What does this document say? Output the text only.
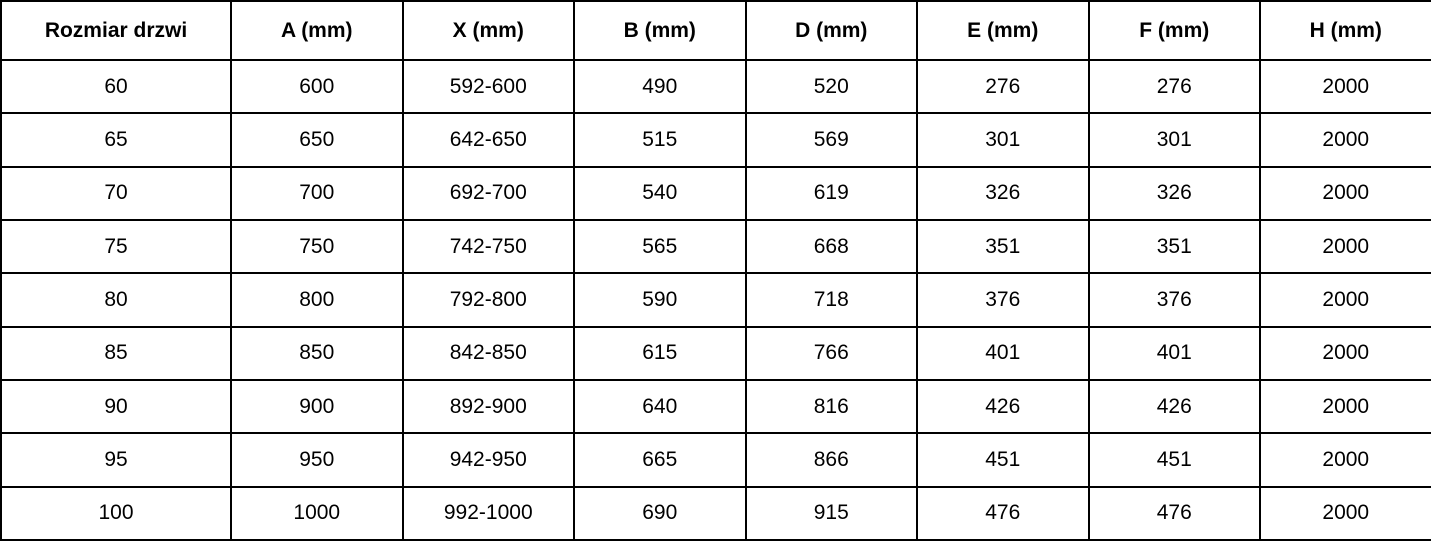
Rozmiar drzwi	A (mm)	X (mm)	B (mm)	D (mm)	E (mm)	F (mm)	H (mm)
60	600	592-600	490	520	276	276	2000
65	650	642-650	515	569	301	301	2000
70	700	692-700	540	619	326	326	2000
75	750	742-750	565	668	351	351	2000
80	800	792-800	590	718	376	376	2000
85	850	842-850	615	766	401	401	2000
90	900	892-900	640	816	426	426	2000
95	950	942-950	665	866	451	451	2000
100	1000	992-1000	690	915	476	476	2000
